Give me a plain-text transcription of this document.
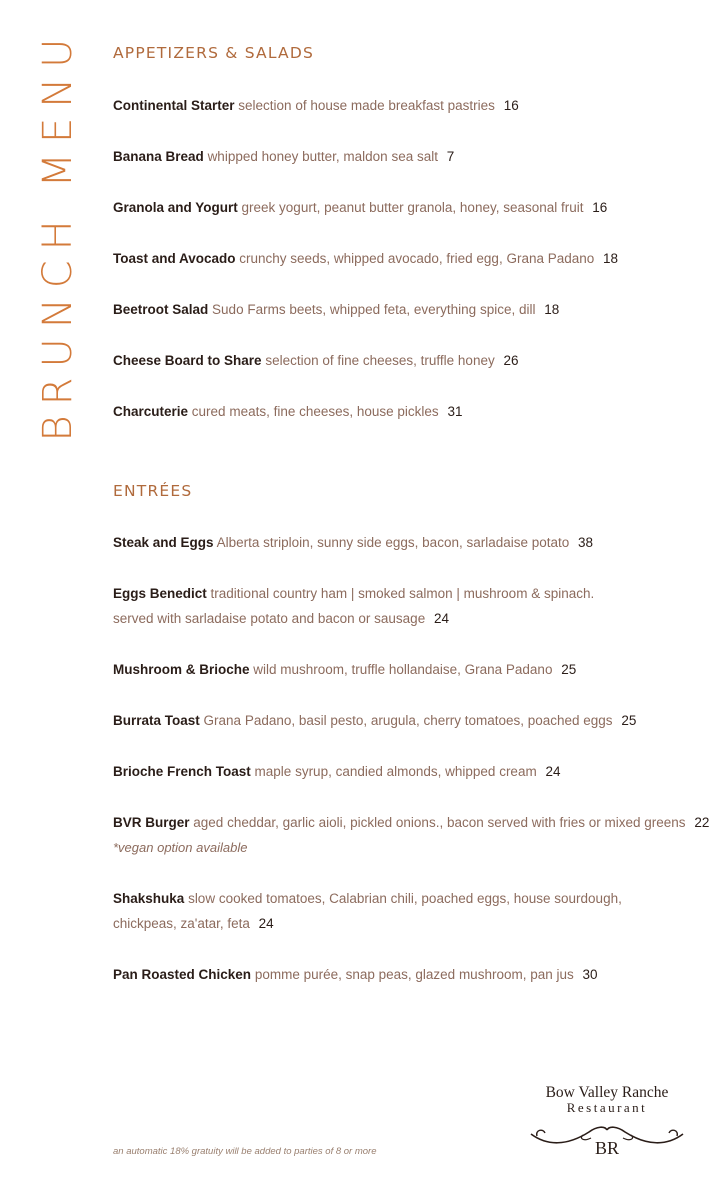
BRUNCH MENU APPETIZERS & SALADS
Continental Starter selection of house made breakfast pastries 16
Banana Bread whipped honey butter, maldon sea salt 7
Granola and Yogurt greek yogurt, peanut butter granola, honey, seasonal fruit 16
Toast and Avocado crunchy seeds, whipped avocado, fried egg, Grana Padano 18
Beetroot Salad Sudo Farms beets, whipped feta, everything spice, dill 18
Cheese Board to Share selection of fine cheeses, truffle honey 26
Charcuterie cured meats, fine cheeses, house pickles 31
ENTRÉES
Steak and Eggs Alberta striploin, sunny side eggs, bacon, sarladaise potato 38
Eggs Benedict traditional country ham | smoked salmon | mushroom & spinach.
served with sarladaise potato and bacon or sausage 24
Mushroom & Brioche wild mushroom, truffle hollandaise, Grana Padano 25
Burrata Toast Grana Padano, basil pesto, arugula, cherry tomatoes, poached eggs 25
Brioche French Toast maple syrup, candied almonds, whipped cream 24
BVR Burger aged cheddar, garlic aioli, pickled onions., bacon served with fries or mixed greens 22
*vegan option available
Shakshuka slow cooked tomatoes, Calabrian chili, poached eggs, house sourdough,
chickpeas, za'atar, feta 24
Pan Roasted Chicken pomme purée, snap peas, glazed mushroom, pan jus 30
an automatic 18% gratuity will be added to parties of 8 or more
Bow Valley Ranche
Restaurant
BR
